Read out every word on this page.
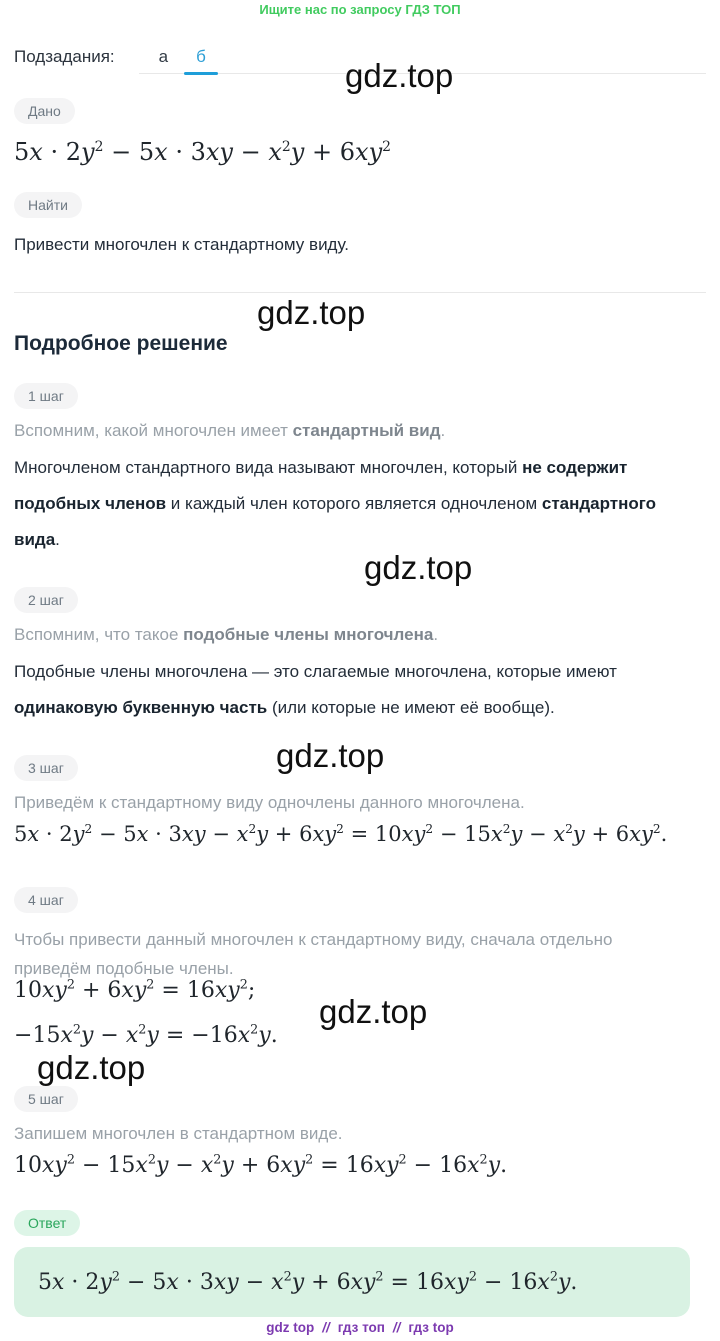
Ищите нас по запросу ГДЗ ТОП
Подзадания:	а	б
gdz.top
gdz.top
gdz.top
gdz.top
gdz.top
gdz.top
Дано
$5x \cdot 2y^2 - 5x \cdot 3xy - x^2y + 6xy^2$
Найти
Привести многочлен к стандартному виду.
Подробное решение
1 шаг
Вспомним, какой многочлен имеет стандартный вид.
Многочленом стандартного вида называют многочлен, который не содержит подобных членов и каждый член которого является одночленом стандартного вида.
2 шаг
Вспомним, что такое подобные члены многочлена.
Подобные члены многочлена — это слагаемые многочлена, которые имеют одинаковую буквенную часть (или которые не имеют её вообще).
3 шаг
Приведём к стандартному виду одночлены данного многочлена.
$5x \cdot 2y^2 - 5x \cdot 3xy - x^2y + 6xy^2 = 10xy^2 - 15x^2y - x^2y + 6xy^2$.
4 шаг
Чтобы привести данный многочлен к стандартному виду, сначала отдельно приведём подобные члены.
$10xy^2 + 6xy^2 = 16xy^2$;
$-15x^2y - x^2y = -16x^2y$.
5 шаг
Запишем многочлен в стандартном виде.
$10xy^2 - 15x^2y - x^2y + 6xy^2 = 16xy^2 - 16x^2y$.
Ответ
$5x \cdot 2y^2 - 5x \cdot 3xy - x^2y + 6xy^2 = 16xy^2 - 16x^2y$.
gdz top // гдз топ // гдз top
